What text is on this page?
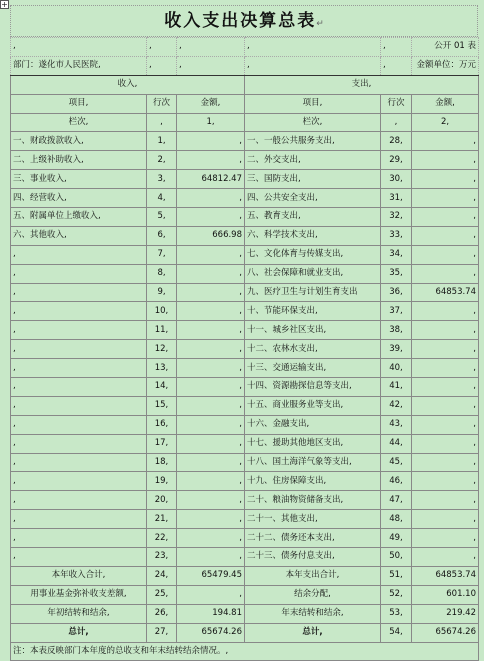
+
收入支出决算总表↵
,	,	,	,	,	公开 01 表
部门：遂化市人民医院,	,	,	,	,	金额单位：万元
收入,			支出,		
项目,	行次	金额,	项目,	行次	金额,
栏次,	,	1,	栏次,	,	2,
一、财政拨款收入,	1,	,	一、一般公共服务支出,	28,	,
二、上级补助收入,	2,	,	二、外交支出,	29,	,
三、事业收入,	3,	64812.47	三、国防支出,	30,	,
四、经营收入,	4,	,	四、公共安全支出,	31,	,
五、附属单位上缴收入,	5,	,	五、教育支出,	32,	,
六、其他收入,	6,	666.98	六、科学技术支出,	33,	,
,	7,	,	七、文化体育与传媒支出,	34,	,
,	8,	,	八、社会保障和就业支出,	35,	,
,	9,	,	九、医疗卫生与计划生育支出	36,	64853.74
,	10,	,	十、节能环保支出,	37,	,
,	11,	,	十一、城乡社区支出,	38,	,
,	12,	,	十二、农林水支出,	39,	,
,	13,	,	十三、交通运输支出,	40,	,
,	14,	,	十四、资源勘探信息等支出,	41,	,
,	15,	,	十五、商业服务业等支出,	42,	,
,	16,	,	十六、金融支出,	43,	,
,	17,	,	十七、援助其他地区支出,	44,	,
,	18,	,	十八、国土海洋气象等支出,	45,	,
,	19,	,	十九、住房保障支出,	46,	,
,	20,	,	二十、粮油物资储备支出,	47,	,
,	21,	,	二十一、其他支出,	48,	,
,	22,	,	二十二、债务还本支出,	49,	,
,	23,	,	二十三、债务付息支出,	50,	,
本年收入合计,	24,	65479.45	本年支出合计,	51,	64853.74
用事业基金弥补收支差额,	25,	,	结余分配,	52,	601.10
年初结转和结余,	26,	194.81	年末结转和结余,	53,	219.42
总计,	27,	65674.26	总计,	54,	65674.26
注：本表反映部门本年度的总收支和年末结转结余情况。,					
